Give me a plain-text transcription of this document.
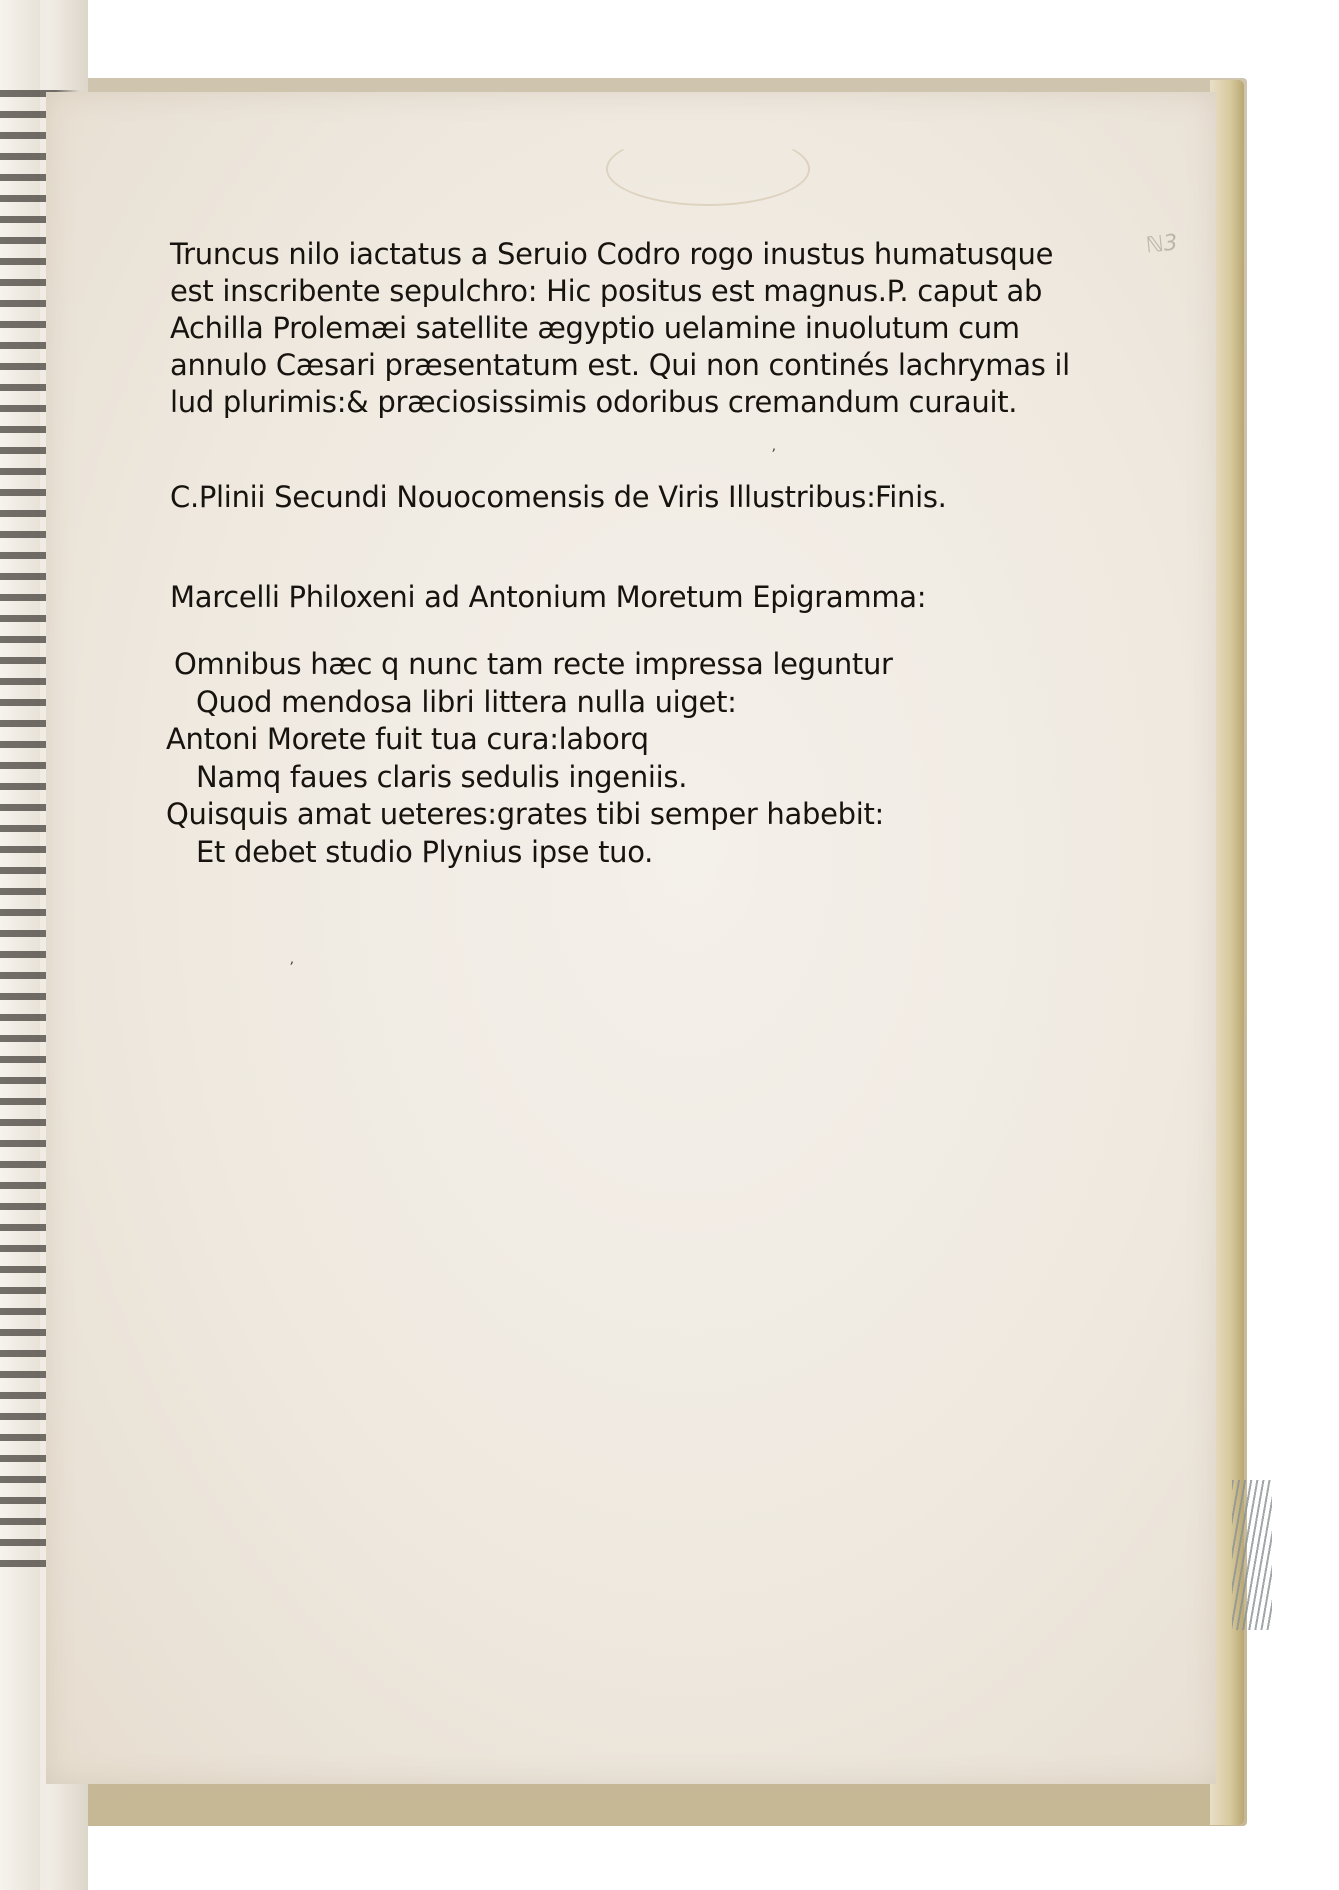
ℕ3
Truncus nilo iactatus a Seruio Codro rogo inustus humatusque
est inscribente sepulchro: Hic positus est magnus.P. caput ab
Achilla Prolemæi satellite ægyptio uelamine inuolutum cum
annulo Cæsari præsentatum est. Qui non continés lachrymas il
lud plurimis:& præciosissimis odoribus cremandum curauit.
ʼ
C.Plinii Secundi Nouocomensis de Viris Illustribus: Finis.
Marcelli Philoxeni ad Antonium Moretum Epigramma:
Omnibus hæc q nunc tam recte impressa leguntur
Quod mendosa libri littera nulla uiget:
Antoni Morete fuit tua cura:laborq
Namq faues claris sedulis ingeniis.
Quisquis amat ueteres:grates tibi semper habebit:
Et debet studio Plynius ipse tuo.
ʼ
